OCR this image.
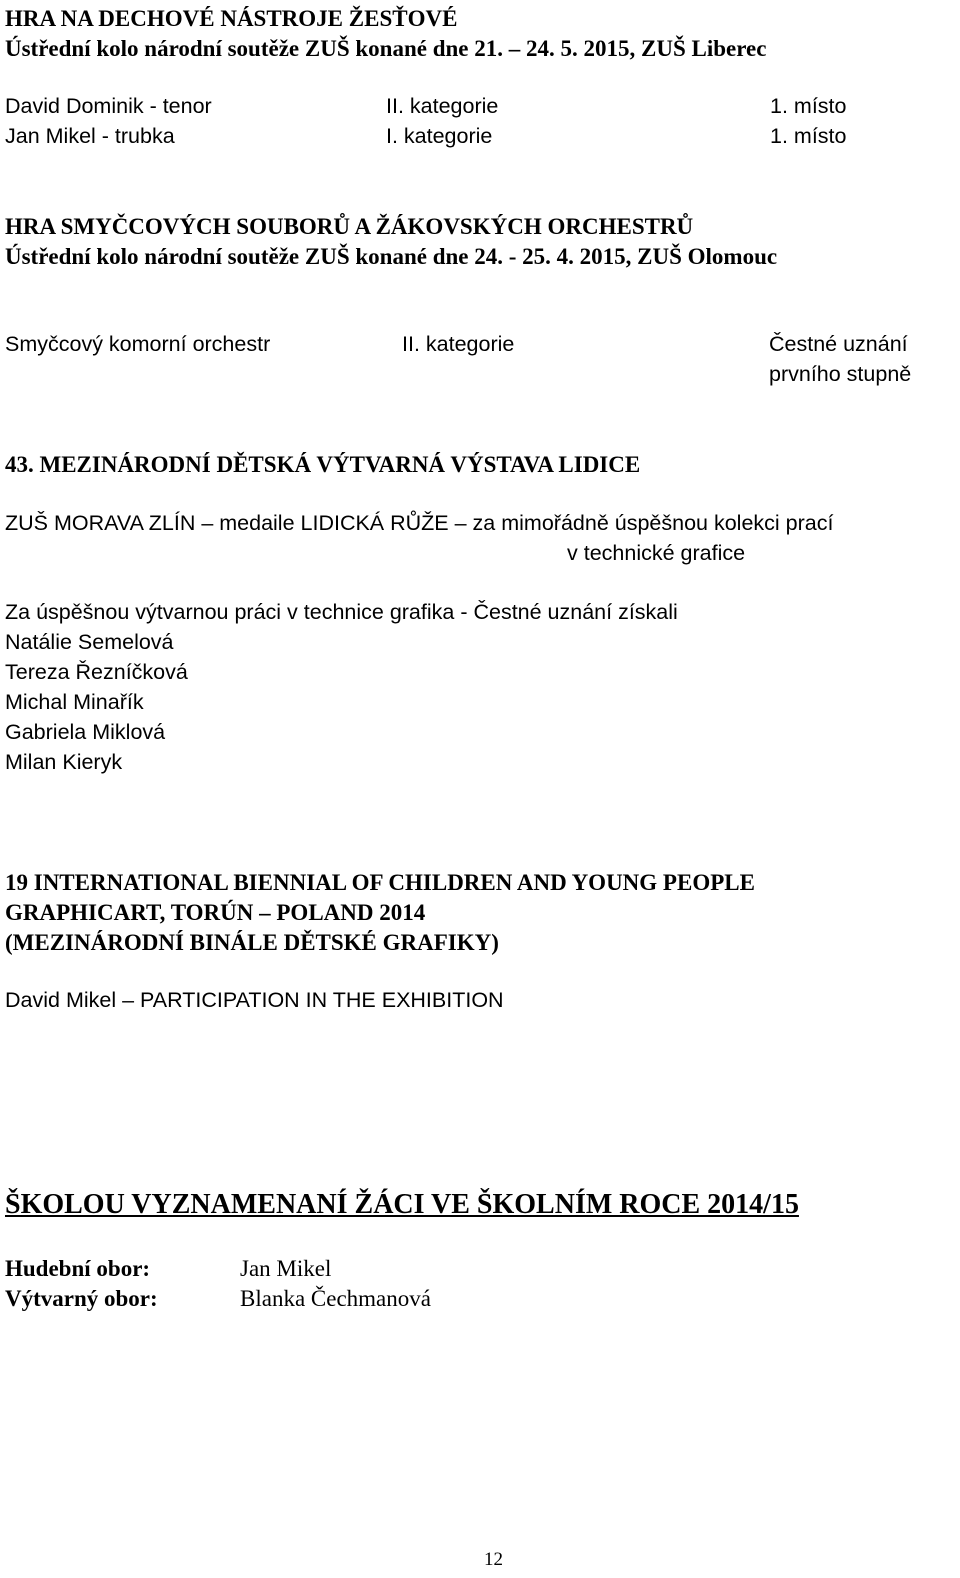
HRA NA DECHOVÉ NÁSTROJE ŽESŤOVÉ
Ústřední kolo národní soutěže ZUŠ konané dne 21. – 24. 5. 2015, ZUŠ Liberec
David Dominik - tenor	II. kategorie	1. místo
Jan Mikel - trubka	I. kategorie	1. místo
HRA SMYČCOVÝCH SOUBORŮ A ŽÁKOVSKÝCH ORCHESTRŮ
Ústřední kolo národní soutěže ZUŠ konané dne 24. - 25. 4. 2015, ZUŠ Olomouc
Smyčcový komorní orchestr	II. kategorie	Čestné uznání
prvního stupně
43. MEZINÁRODNÍ DĚTSKÁ VÝTVARNÁ VÝSTAVA LIDICE
ZUŠ MORAVA ZLÍN – medaile LIDICKÁ RŮŽE – za mimořádně úspěšnou kolekci prací
v technické grafice
Za úspěšnou výtvarnou práci v technice grafika - Čestné uznání získali
Natálie Semelová
Tereza Řezníčková
Michal Minařík
Gabriela Miklová
Milan Kieryk
19 INTERNATIONAL BIENNIAL OF CHILDREN AND YOUNG PEOPLE
GRAPHICART, TORÚN – POLAND 2014
(MEZINÁRODNÍ BINÁLE DĚTSKÉ GRAFIKY)
David Mikel – PARTICIPATION IN THE EXHIBITION
ŠKOLOU VYZNAMENANÍ ŽÁCI VE ŠKOLNÍM ROCE 2014/15
Hudební obor:	Jan Mikel
Výtvarný obor:	Blanka Čechmanová
12
